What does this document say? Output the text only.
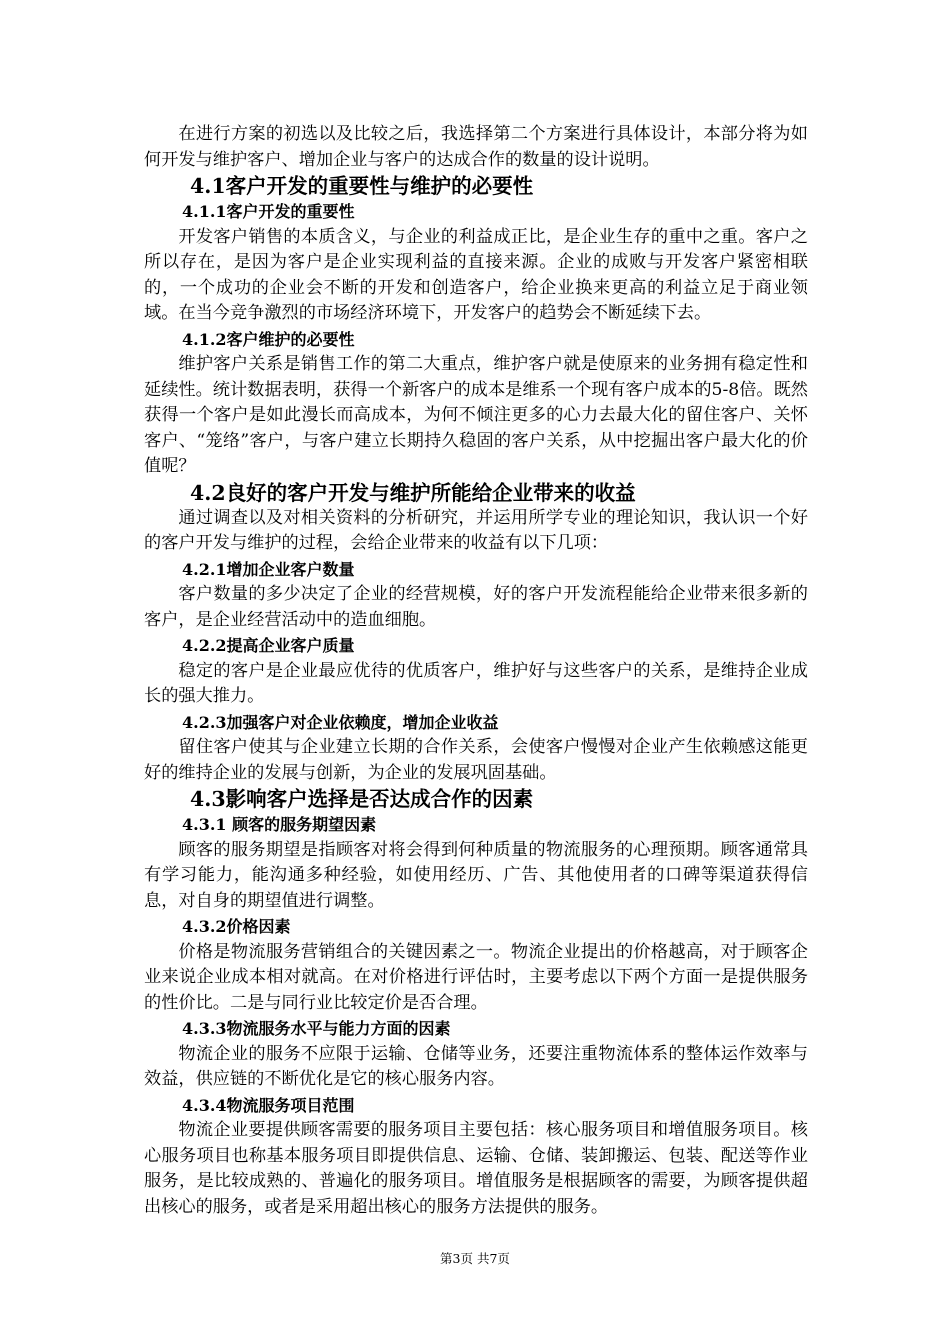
在进行方案的初选以及比较之后，我选择第二个方案进行具体设计，本部分将为如何开发与维护客户、增加企业与客户的达成合作的数量的设计说明。

4.1客户开发的重要性与维护的必要性
4.1.1客户开发的重要性

开发客户销售的本质含义，与企业的利益成正比，是企业生存的重中之重。客户之所以存在，是因为客户是企业实现利益的直接来源。企业的成败与开发客户紧密相联的，一个成功的企业会不断的开发和创造客户，给企业换来更高的利益立足于商业领域。在当今竞争激烈的市场经济环境下，开发客户的趋势会不断延续下去。

4.1.2客户维护的必要性

维护客户关系是销售工作的第二大重点，维护客户就是使原来的业务拥有稳定性和延续性。统计数据表明，获得一个新客户的成本是维系一个现有客户成本的5-8倍。既然获得一个客户是如此漫长而高成本，为何不倾注更多的心力去最大化的留住客户、关怀客户、“笼络”客户，与客户建立长期持久稳固的客户关系，从中挖掘出客户最大化的价值呢？

4.2良好的客户开发与维护所能给企业带来的收益

通过调查以及对相关资料的分析研究，并运用所学专业的理论知识，我认识一个好的客户开发与维护的过程，会给企业带来的收益有以下几项：

4.2.1增加企业客户数量

客户数量的多少决定了企业的经营规模，好的客户开发流程能给企业带来很多新的客户，是企业经营活动中的造血细胞。

4.2.2提高企业客户质量

稳定的客户是企业最应优待的优质客户，维护好与这些客户的关系，是维持企业成长的强大推力。

4.2.3加强客户对企业依赖度，增加企业收益

留住客户使其与企业建立长期的合作关系，会使客户慢慢对企业产生依赖感这能更好的维持企业的发展与创新，为企业的发展巩固基础。

4.3影响客户选择是否达成合作的因素
4.3.1 顾客的服务期望因素

顾客的服务期望是指顾客对将会得到何种质量的物流服务的心理预期。顾客通常具有学习能力，能沟通多种经验，如使用经历、广告、其他使用者的口碑等渠道获得信息，对自身的期望值进行调整。

4.3.2价格因素

价格是物流服务营销组合的关键因素之一。物流企业提出的价格越高，对于顾客企业来说企业成本相对就高。在对价格进行评估时，主要考虑以下两个方面一是提供服务的性价比。二是与同行业比较定价是否合理。

4.3.3物流服务水平与能力方面的因素

物流企业的服务不应限于运输、仓储等业务，还要注重物流体系的整体运作效率与效益，供应链的不断优化是它的核心服务内容。

4.3.4物流服务项目范围

物流企业要提供顾客需要的服务项目主要包括：核心服务项目和增值服务项目。核心服务项目也称基本服务项目即提供信息、运输、仓储、装卸搬运、包装、配送等作业服务，是比较成熟的、普遍化的服务项目。增值服务是根据顾客的需要，为顾客提供超出核心的服务，或者是采用超出核心的服务方法提供的服务。

第3页 共7页
